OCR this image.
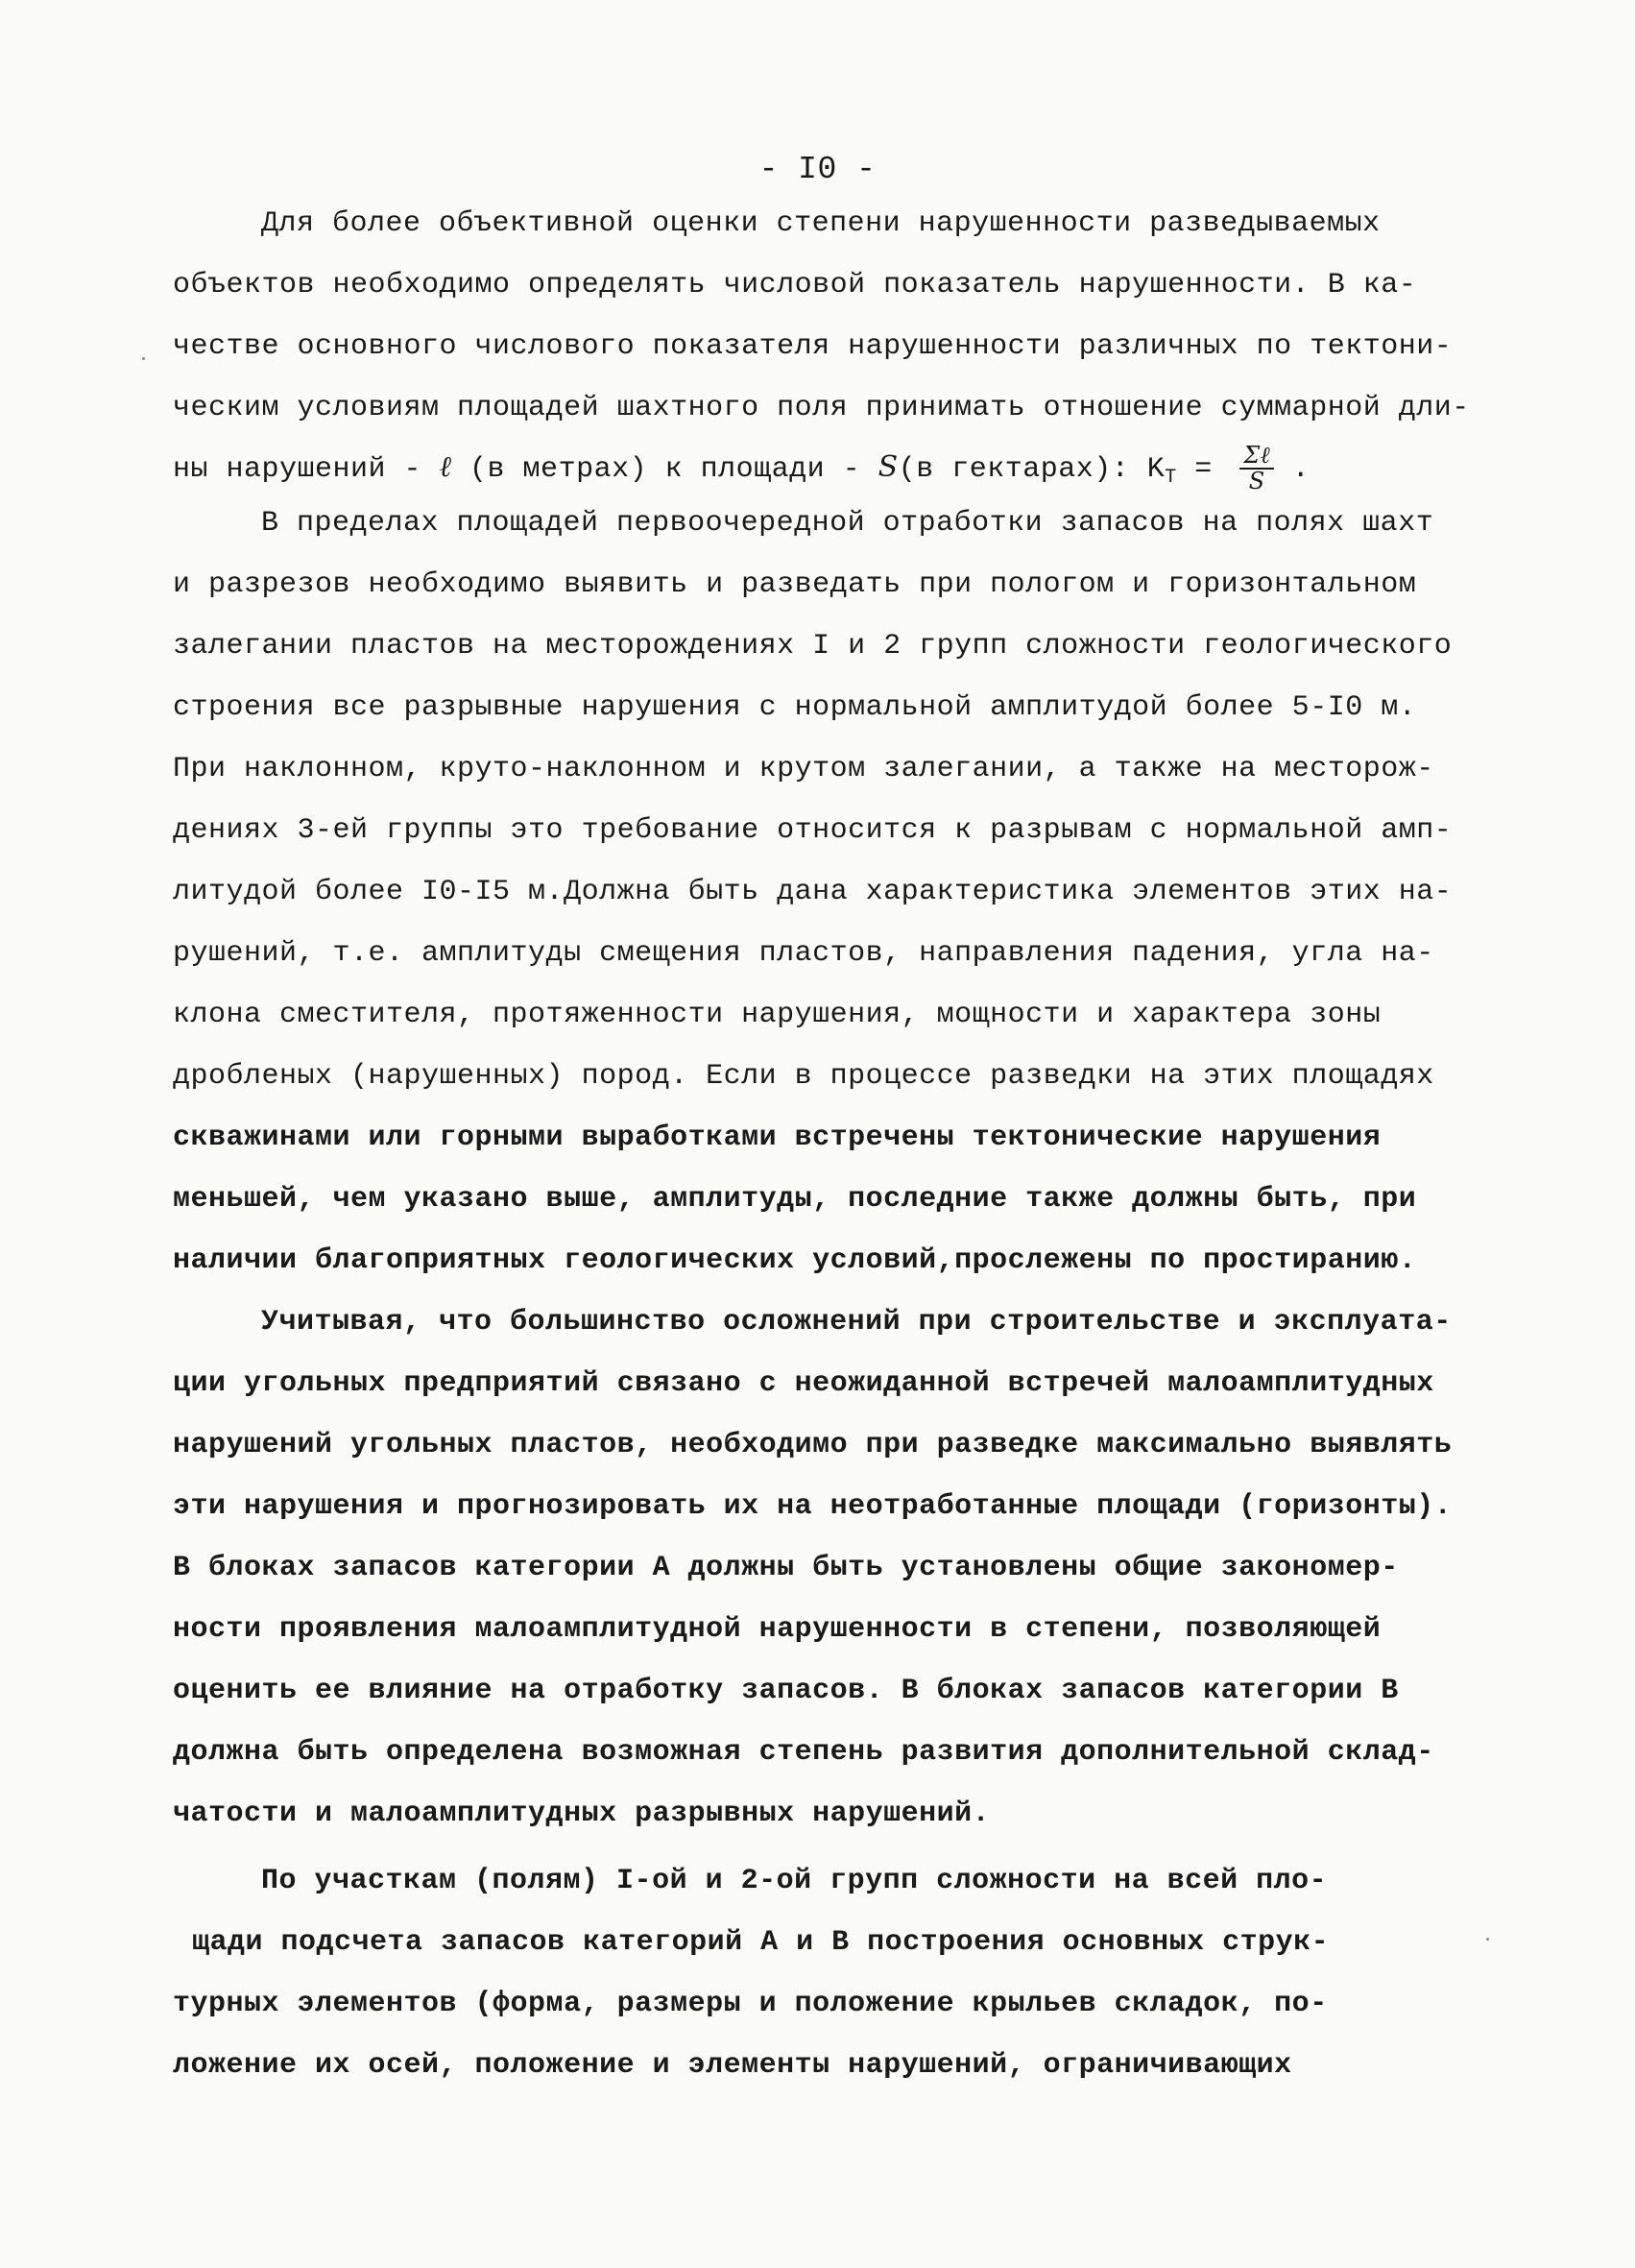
- I0 -
Для более объективной оценки степени нарушенности разведываемых
объектов необходимо определять числовой показатель нарушенности. В ка-
честве основного числового показателя нарушенности различных по тектони-
ческим условиям площадей шахтного поля принимать отношение суммарной дли-
ны нарушений - ℓ (в метрах) к площади - S(в гектарах): $K_T = \frac{\text{Σℓ}}{S}$ .
В пределах площадей первоочередной отработки запасов на полях шахт
и разрезов необходимо выявить и разведать при пологом и горизонтальном
залегании пластов на месторождениях I и 2 групп сложности геологического
строения все разрывные нарушения с нормальной амплитудой более 5-I0 м.
При наклонном, круто-наклонном и крутом залегании, а также на месторож-
дениях 3-ей группы это требование относится к разрывам с нормальной амп-
литудой более I0-I5 м.Должна быть дана характеристика элементов этих на-
рушений, т.е. амплитуды смещения пластов, направления падения, угла на-
клона сместителя, протяженности нарушения, мощности и характера зоны
дробленых (нарушенных) пород. Если в процессе разведки на этих площадях
скважинами или горными выработками встречены тектонические нарушения
меньшей, чем указано выше, амплитуды, последние также должны быть, при
наличии благоприятных геологических условий,прослежены по простиранию.
Учитывая, что большинство осложнений при строительстве и эксплуата-
ции угольных предприятий связано с неожиданной встречей малоамплитудных
нарушений угольных пластов, необходимо при разведке максимально выявлять
эти нарушения и прогнозировать их на неотработанные площади (горизонты).
В блоках запасов категории А должны быть установлены общие закономер-
ности проявления малоамплитудной нарушенности в степени, позволяющей
оценить ее влияние на отработку запасов. В блоках запасов категории В
должна быть определена возможная степень развития дополнительной склад-
чатости и малоамплитудных разрывных нарушений.
По участкам (полям) I-ой и 2-ой групп сложности на всей пло-
щади подсчета запасов категорий А и В построения основных струк-
турных элементов (форма, размеры и положение крыльев складок, по-
ложение их осей, положение и элементы нарушений, ограничивающих
